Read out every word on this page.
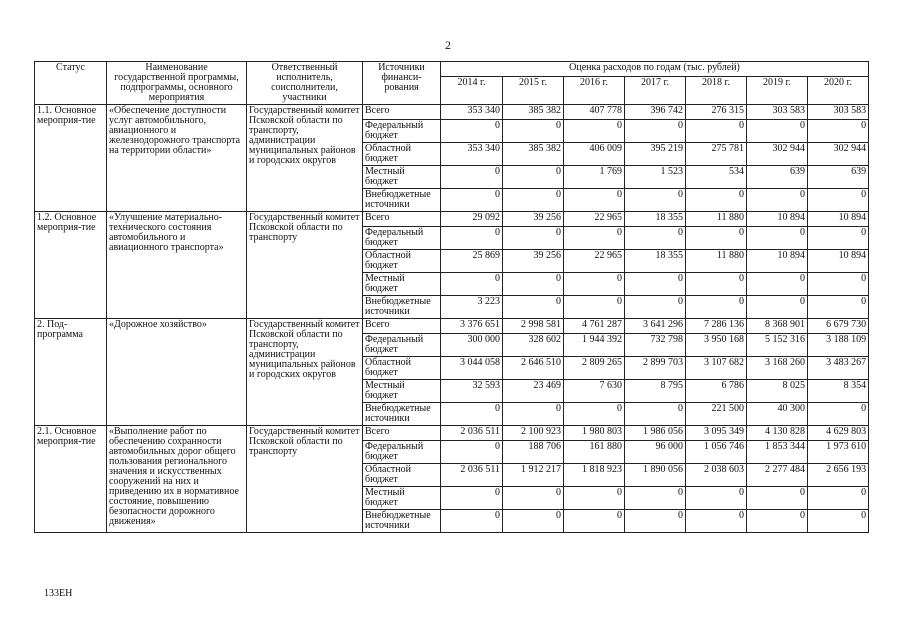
2
Статус	Наименование государственной программы, подпрограммы, основного мероприятия	Ответственный исполнитель, соисполнители, участники	Источники финанси-рования	Оценка расходов по годам (тыс. рублей)						
				2014 г.	2015 г.	2016 г.	2017 г.	2018 г.	2019 г.	2020 г.
1.1. Основное мероприя-тие	«Обеспечение доступности услуг автомобильного, авиационного и железнодорожного транспорта на территории области»	Государственный комитет Псковской области по транспорту, администрации муниципальных районов и городских округов	Всего	353 340	385 382	407 778	396 742	276 315	303 583	303 583
			Федеральный бюджет	0	0	0	0	0	0	0
			Областной бюджет	353 340	385 382	406 009	395 219	275 781	302 944	302 944
			Местный бюджет	0	0	1 769	1 523	534	639	639
			Внебюджетные источники	0	0	0	0	0	0	0
1.2. Основное мероприя-тие	«Улучшение материально-технического состояния автомобильного и авиационного транспорта»	Государственный комитет Псковской области по транспорту	Всего	29 092	39 256	22 965	18 355	11 880	10 894	10 894
			Федеральный бюджет	0	0	0	0	0	0	0
			Областной бюджет	25 869	39 256	22 965	18 355	11 880	10 894	10 894
			Местный бюджет	0	0	0	0	0	0	0
			Внебюджетные источники	3 223	0	0	0	0	0	0
2. Под-программа	«Дорожное хозяйство»	Государственный комитет Псковской области по транспорту, администрации муниципальных районов и городских округов	Всего	3 376 651	2 998 581	4 761 287	3 641 296	7 286 136	8 368 901	6 679 730
			Федеральный бюджет	300 000	328 602	1 944 392	732 798	3 950 168	5 152 316	3 188 109
			Областной бюджет	3 044 058	2 646 510	2 809 265	2 899 703	3 107 682	3 168 260	3 483 267
			Местный бюджет	32 593	23 469	7 630	8 795	6 786	8 025	8 354
			Внебюджетные источники	0	0	0	0	221 500	40 300	0
2.1. Основное мероприя-тие	«Выполнение работ по обеспечению сохранности автомобильных дорог общего пользования регионального значения и искусственных сооружений на них и приведению их в нормативное состояние, повышению безопасности дорожного движения»	Государственный комитет Псковской области по транспорту	Всего	2 036 511	2 100 923	1 980 803	1 986 056	3 095 349	4 130 828	4 629 803
			Федеральный бюджет	0	188 706	161 880	96 000	1 056 746	1 853 344	1 973 610
			Областной бюджет	2 036 511	1 912 217	1 818 923	1 890 056	2 038 603	2 277 484	2 656 193
			Местный бюджет	0	0	0	0	0	0	0
			Внебюджетные источники	0	0	0	0	0	0	0
133ЕН
